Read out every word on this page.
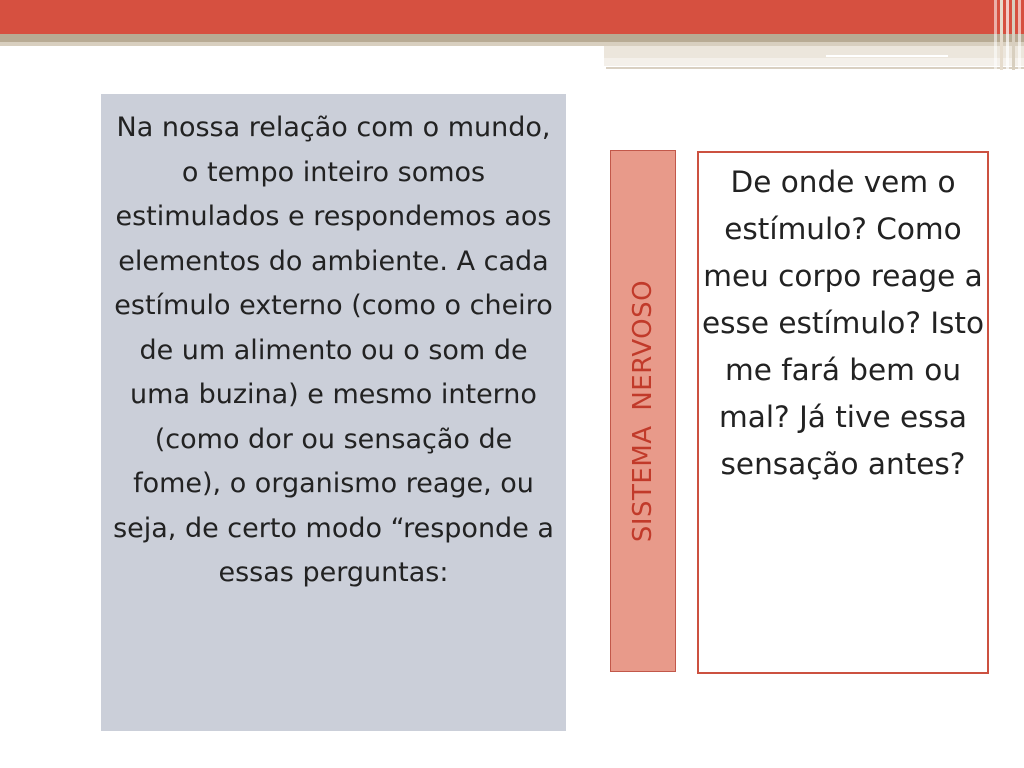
Na nossa relação com o mundo, o tempo inteiro somos estimulados e respondemos aos elementos do ambiente. A cada estímulo externo (como o cheiro de um alimento ou o som de uma buzina) e mesmo interno (como dor ou sensação de fome), o organismo reage, ou seja, de certo modo “responde a essas perguntas:

SISTEMA NERVOSO

De onde vem o estímulo? Como meu corpo reage a esse estímulo? Isto me fará bem ou mal? Já tive essa sensação antes?
